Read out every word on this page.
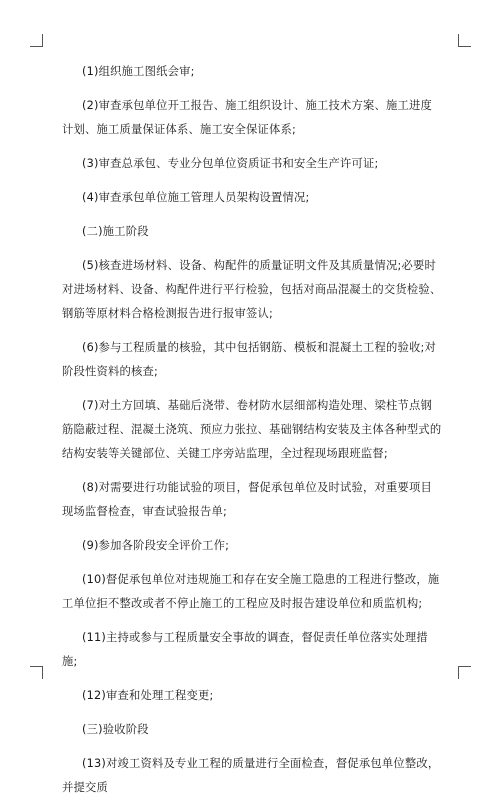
(1)组织施工图纸会审;

(2)审查承包单位开工报告、施工组织设计、施工技术方案、施工进度计划、施工质量保证体系、施工安全保证体系;

(3)审查总承包、专业分包单位资质证书和安全生产许可证;

(4)审查承包单位施工管理人员架构设置情况;

(二)施工阶段

(5)核查进场材料、设备、构配件的质量证明文件及其质量情况;必要时对进场材料、设备、构配件进行平行检验，包括对商品混凝土的交货检验、钢筋等原材料合格检测报告进行报审签认;

(6)参与工程质量的核验，其中包括钢筋、模板和混凝土工程的验收;对阶段性资料的核查;

(7)对土方回填、基础后浇带、卷材防水层细部构造处理、梁柱节点钢筋隐蔽过程、混凝土浇筑、预应力张拉、基础钢结构安装及主体各种型式的结构安装等关键部位、关键工序旁站监理，全过程现场跟班监督;

(8)对需要进行功能试验的项目，督促承包单位及时试验，对重要项目现场监督检查，审查试验报告单;

(9)参加各阶段安全评价工作;

(10)督促承包单位对违规施工和存在安全施工隐患的工程进行整改，施工单位拒不整改或者不停止施工的工程应及时报告建设单位和质监机构;

(11)主持或参与工程质量安全事故的调查，督促责任单位落实处理措施;

(12)审查和处理工程变更;

(三)验收阶段

(13)对竣工资料及专业工程的质量进行全面检查，督促承包单位整改，并提交质
